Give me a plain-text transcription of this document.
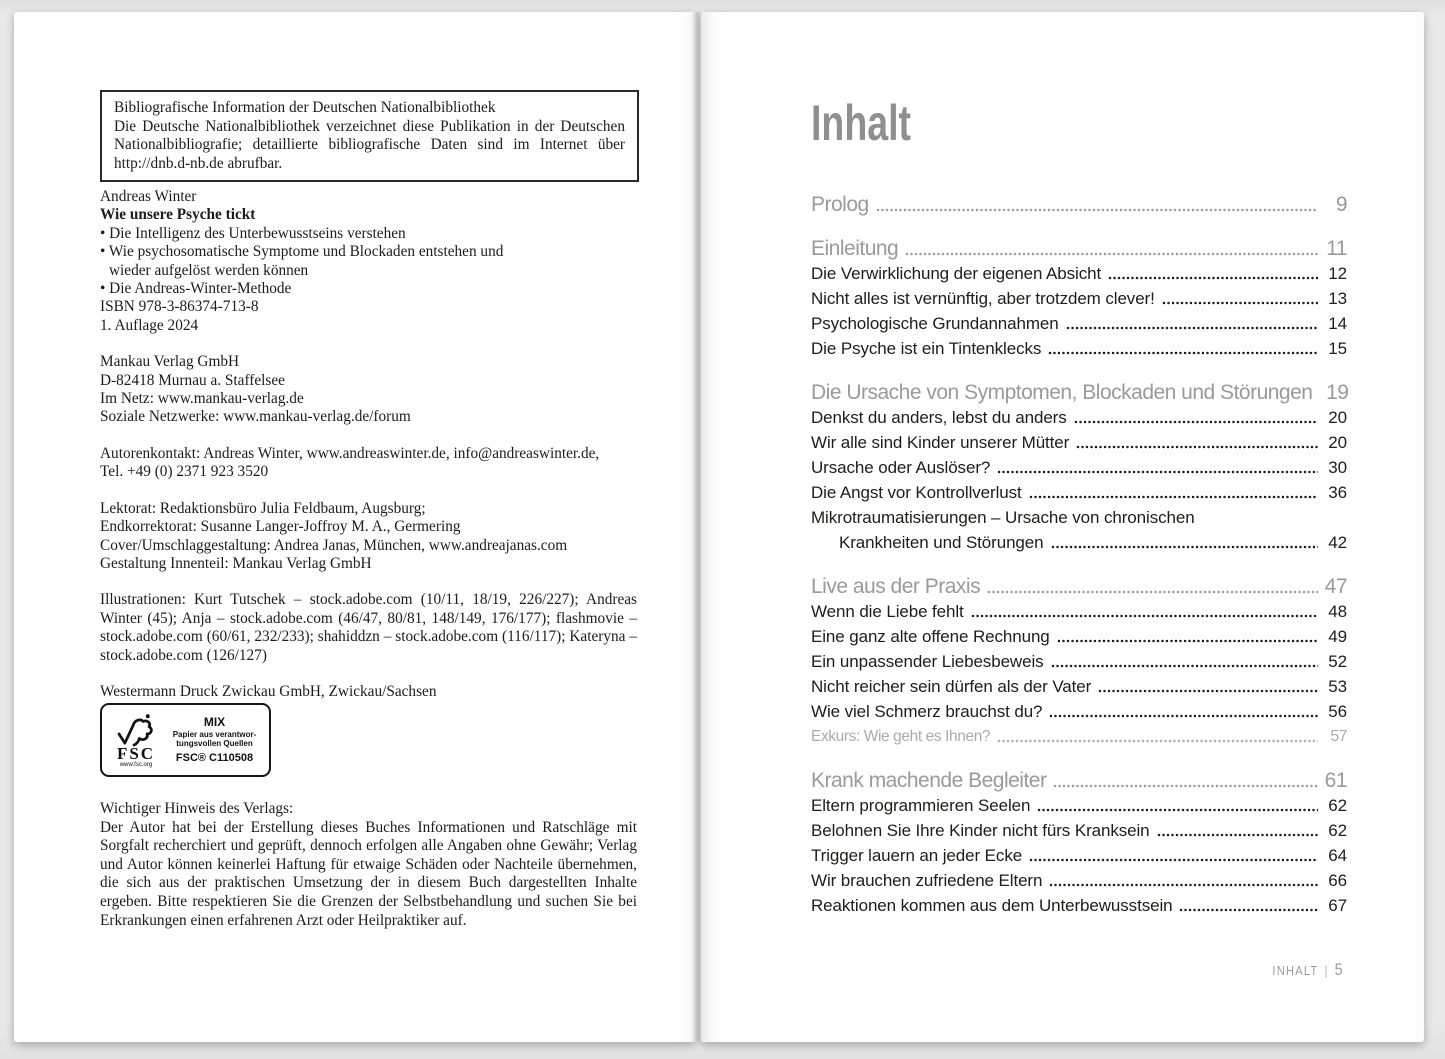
Bibliografische Information der Deutschen Nationalbibliothek
Die Deutsche Nationalbibliothek verzeichnet diese Publikation in der Deutschen Nationalbibliografie; detaillierte bibliografische Daten sind im Internet über http://dnb.d-nb.de abrufbar.
Andreas Winter
Wie unsere Psyche tickt
• Die Intelligenz des Unterbewusstseins verstehen
• Wie psychosomatische Symptome und Blockaden entstehen und
wieder aufgelöst werden können
• Die Andreas-Winter-Methode
ISBN 978-3-86374-713-8
1. Auflage 2024
Mankau Verlag GmbH
D-82418 Murnau a. Staffelsee
Im Netz: www.mankau-verlag.de
Soziale Netzwerke: www.mankau-verlag.de/forum
Autorenkontakt: Andreas Winter, www.andreaswinter.de, info@andreaswinter.de,
Tel. +49 (0) 2371 923 3520
Lektorat: Redaktionsbüro Julia Feldbaum, Augsburg;
Endkorrektorat: Susanne Langer-Joffroy M. A., Germering
Cover/Umschlaggestaltung: Andrea Janas, München, www.andreajanas.com
Gestaltung Innenteil: Mankau Verlag GmbH
Illustrationen: Kurt Tutschek – stock.adobe.com (10/11, 18/19, 226/227); Andreas Winter (45); Anja – stock.adobe.com (46/47, 80/81, 148/149, 176/177); flashmovie – stock.adobe.com (60/61, 232/233); shahiddzn – stock.adobe.com (116/117); Kateryna – stock.adobe.com (126/127)
Westermann Druck Zwickau GmbH, Zwickau/Sachsen
FSC
www.fsc.org
MIX
Papier aus verantwor-
tungsvollen Quellen
FSC® C110508
Wichtiger Hinweis des Verlags:
Der Autor hat bei der Erstellung dieses Buches Informationen und Ratschläge mit Sorgfalt recherchiert und geprüft, dennoch erfolgen alle Angaben ohne Gewähr; Verlag und Autor können keinerlei Haftung für etwaige Schäden oder Nachteile übernehmen, die sich aus der praktischen Umsetzung der in diesem Buch dargestellten Inhalte ergeben. Bitte respektieren Sie die Grenzen der Selbstbehandlung und suchen Sie bei Erkrankungen einen erfahrenen Arzt oder Heilpraktiker auf.
Inhalt
Prolog	9
Einleitung	11
Die Verwirklichung der eigenen Absicht	12
Nicht alles ist vernünftig, aber trotzdem clever!	13
Psychologische Grundannahmen	14
Die Psyche ist ein Tintenklecks	15
Die Ursache von Symptomen, Blockaden und Störungen 19
Denkst du anders, lebst du anders	20
Wir alle sind Kinder unserer Mütter	20
Ursache oder Auslöser?	30
Die Angst vor Kontrollverlust	36
Mikrotraumatisierungen – Ursache von chronischen
Krankheiten und Störungen	42
Live aus der Praxis	47
Wenn die Liebe fehlt	48
Eine ganz alte offene Rechnung	49
Ein unpassender Liebesbeweis	52
Nicht reicher sein dürfen als der Vater	53
Wie viel Schmerz brauchst du?	56
Exkurs: Wie geht es Ihnen?	57
Krank machende Begleiter	61
Eltern programmieren Seelen	62
Belohnen Sie Ihre Kinder nicht fürs Kranksein	62
Trigger lauern an jeder Ecke	64
Wir brauchen zufriedene Eltern	66
Reaktionen kommen aus dem Unterbewusstsein	67
INHALT | 5
